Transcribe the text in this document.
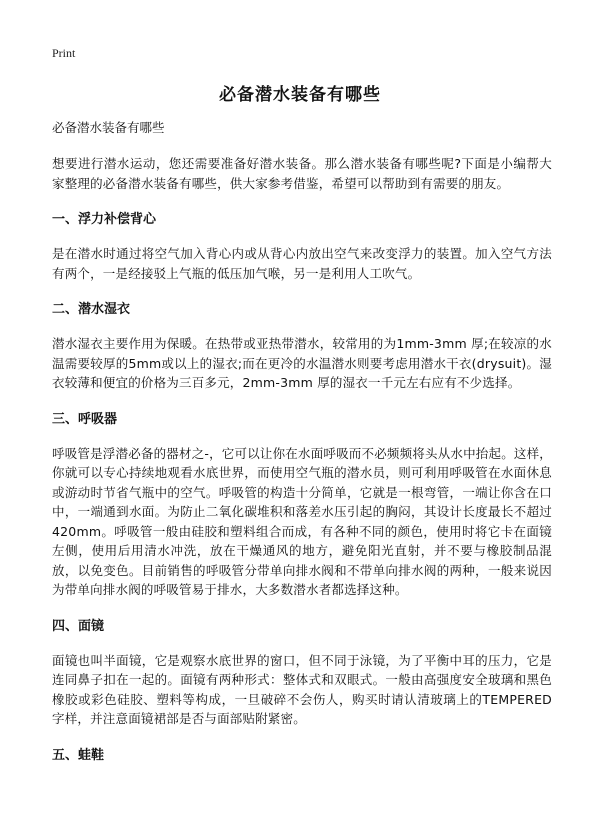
Print
必备潜水装备有哪些
必备潜水装备有哪些
想要进行潜水运动，您还需要准备好潜水装备。那么潜水装备有哪些呢?下面是小编帮大家整理的必备潜水装备有哪些，供大家参考借鉴，希望可以帮助到有需要的朋友。
一、浮力补偿背心
是在潜水时通过将空气加入背心内或从背心内放出空气来改变浮力的装置。加入空气方法有两个，一是经接驳上气瓶的低压加气喉，另一是利用人工吹气。
二、潜水湿衣
潜水湿衣主要作用为保暖。在热带或亚热带潜水，较常用的为1mm-3mm 厚;在较凉的水温需要较厚的5mm或以上的湿衣;而在更冷的水温潜水则要考虑用潜水干衣(drysuit)。湿衣较薄和便宜的价格为三百多元，2mm-3mm 厚的湿衣一千元左右应有不少选择。
三、呼吸器
呼吸管是浮潜必备的器材之-，它可以让你在水面呼吸而不必频频将头从水中抬起。这样，你就可以专心持续地观看水底世界，而使用空气瓶的潜水员，则可利用呼吸管在水面休息或游动时节省气瓶中的空气。呼吸管的构造十分简单，它就是一根弯管，一端让你含在口中，一端通到水面。为防止二氧化碳堆积和落差水压引起的胸闷，其设计长度最长不超过420mm。呼吸管一般由硅胶和塑料组合而成，有各种不同的颜色，使用时将它卡在面镜左侧，使用后用清水冲洗，放在干燥通风的地方，避免阳光直射，并不要与橡胶制品混放，以免变色。目前销售的呼吸管分带单向排水阀和不带单向排水阀的两种，一般来说因为带单向排水阀的呼吸管易于排水，大多数潜水者都选择这种。
四、面镜
面镜也叫半面镜，它是观察水底世界的窗口，但不同于泳镜，为了平衡中耳的压力，它是连同鼻子扣在一起的。面镜有两种形式：整体式和双眼式。一般由高强度安全玻璃和黑色橡胶或彩色硅胶、塑料等构成，一旦破碎不会伤人，购买时请认清玻璃上的TEMPERED 字样，并注意面镜裙部是否与面部贴附紧密。
五、蛙鞋
